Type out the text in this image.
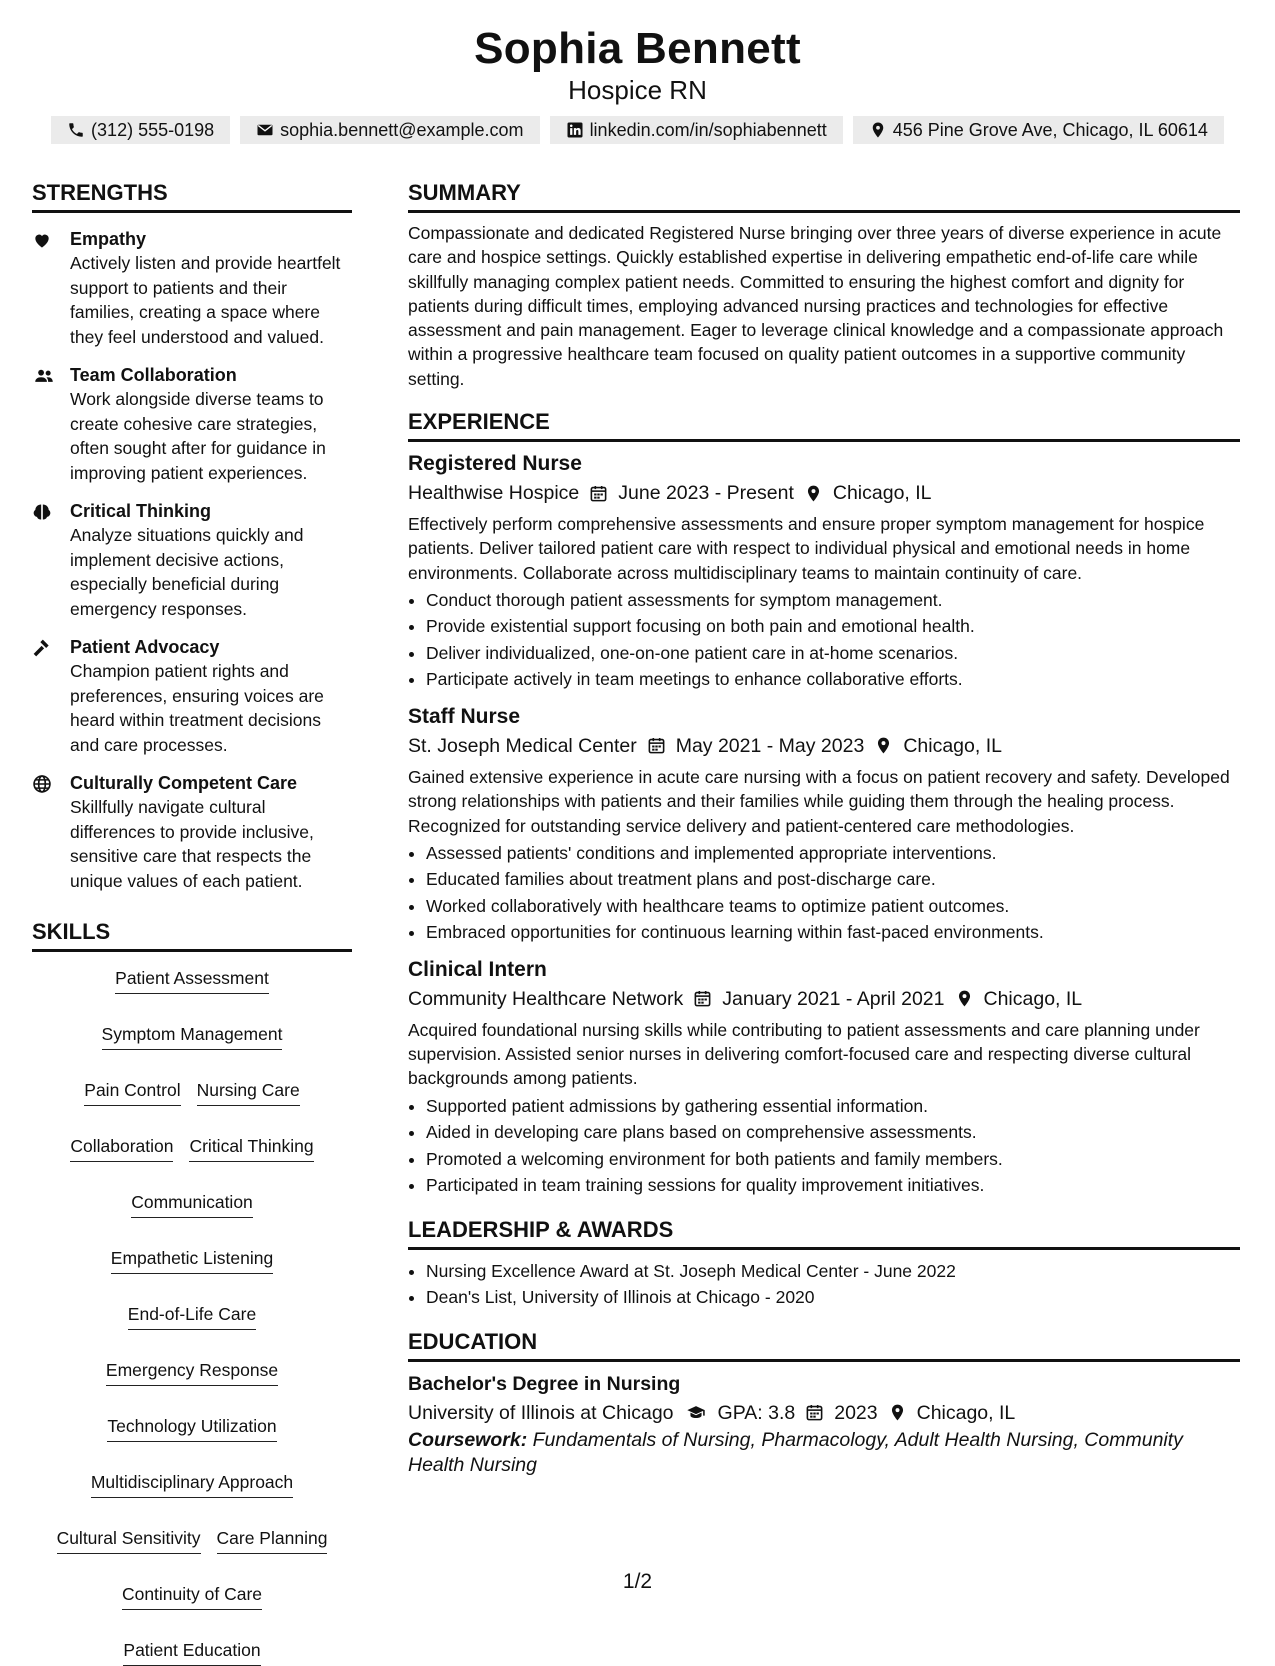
Sophia Bennett
Hospice RN
(312) 555-0198	sophia.bennett@example.com	linkedin.com/in/sophiabennett	456 Pine Grove Ave, Chicago, IL 60614
STRENGTHS
Empathy
Actively listen and provide heartfelt support to patients and their families, creating a space where they feel understood and valued.
Team Collaboration
Work alongside diverse teams to create cohesive care strategies, often sought after for guidance in improving patient experiences.
Critical Thinking
Analyze situations quickly and implement decisive actions, especially beneficial during emergency responses.
Patient Advocacy
Champion patient rights and preferences, ensuring voices are heard within treatment decisions and care processes.
Culturally Competent Care
Skillfully navigate cultural differences to provide inclusive, sensitive care that respects the unique values of each patient.
SKILLS
Patient Assessment
Symptom Management
Pain Control Nursing Care
Collaboration Critical Thinking
Communication
Empathetic Listening
End-of-Life Care
Emergency Response
Technology Utilization
Multidisciplinary Approach
Cultural Sensitivity Care Planning
Continuity of Care
Patient Education
SUMMARY
Compassionate and dedicated Registered Nurse bringing over three years of diverse experience in acute care and hospice settings. Quickly established expertise in delivering empathetic end-of-life care while skillfully managing complex patient needs. Committed to ensuring the highest comfort and dignity for patients during difficult times, employing advanced nursing practices and technologies for effective assessment and pain management. Eager to leverage clinical knowledge and a compassionate approach within a progressive healthcare team focused on quality patient outcomes in a supportive community setting.
EXPERIENCE
Registered Nurse
Healthwise Hospice June 2023 - Present Chicago, IL
Effectively perform comprehensive assessments and ensure proper symptom management for hospice patients. Deliver tailored patient care with respect to individual physical and emotional needs in home environments. Collaborate across multidisciplinary teams to maintain continuity of care.
• Conduct thorough patient assessments for symptom management.
• Provide existential support focusing on both pain and emotional health.
• Deliver individualized, one-on-one patient care in at-home scenarios.
• Participate actively in team meetings to enhance collaborative efforts.
Staff Nurse
St. Joseph Medical Center May 2021 - May 2023 Chicago, IL
Gained extensive experience in acute care nursing with a focus on patient recovery and safety. Developed strong relationships with patients and their families while guiding them through the healing process. Recognized for outstanding service delivery and patient-centered care methodologies.
• Assessed patients' conditions and implemented appropriate interventions.
• Educated families about treatment plans and post-discharge care.
• Worked collaboratively with healthcare teams to optimize patient outcomes.
• Embraced opportunities for continuous learning within fast-paced environments.
Clinical Intern
Community Healthcare Network January 2021 - April 2021 Chicago, IL
Acquired foundational nursing skills while contributing to patient assessments and care planning under supervision. Assisted senior nurses in delivering comfort-focused care and respecting diverse cultural backgrounds among patients.
• Supported patient admissions by gathering essential information.
• Aided in developing care plans based on comprehensive assessments.
• Promoted a welcoming environment for both patients and family members.
• Participated in team training sessions for quality improvement initiatives.
LEADERSHIP & AWARDS
• Nursing Excellence Award at St. Joseph Medical Center - June 2022
• Dean's List, University of Illinois at Chicago - 2020
EDUCATION
Bachelor's Degree in Nursing
University of Illinois at Chicago GPA: 3.8 2023 Chicago, IL
Coursework: Fundamentals of Nursing, Pharmacology, Adult Health Nursing, Community Health Nursing
1/2
